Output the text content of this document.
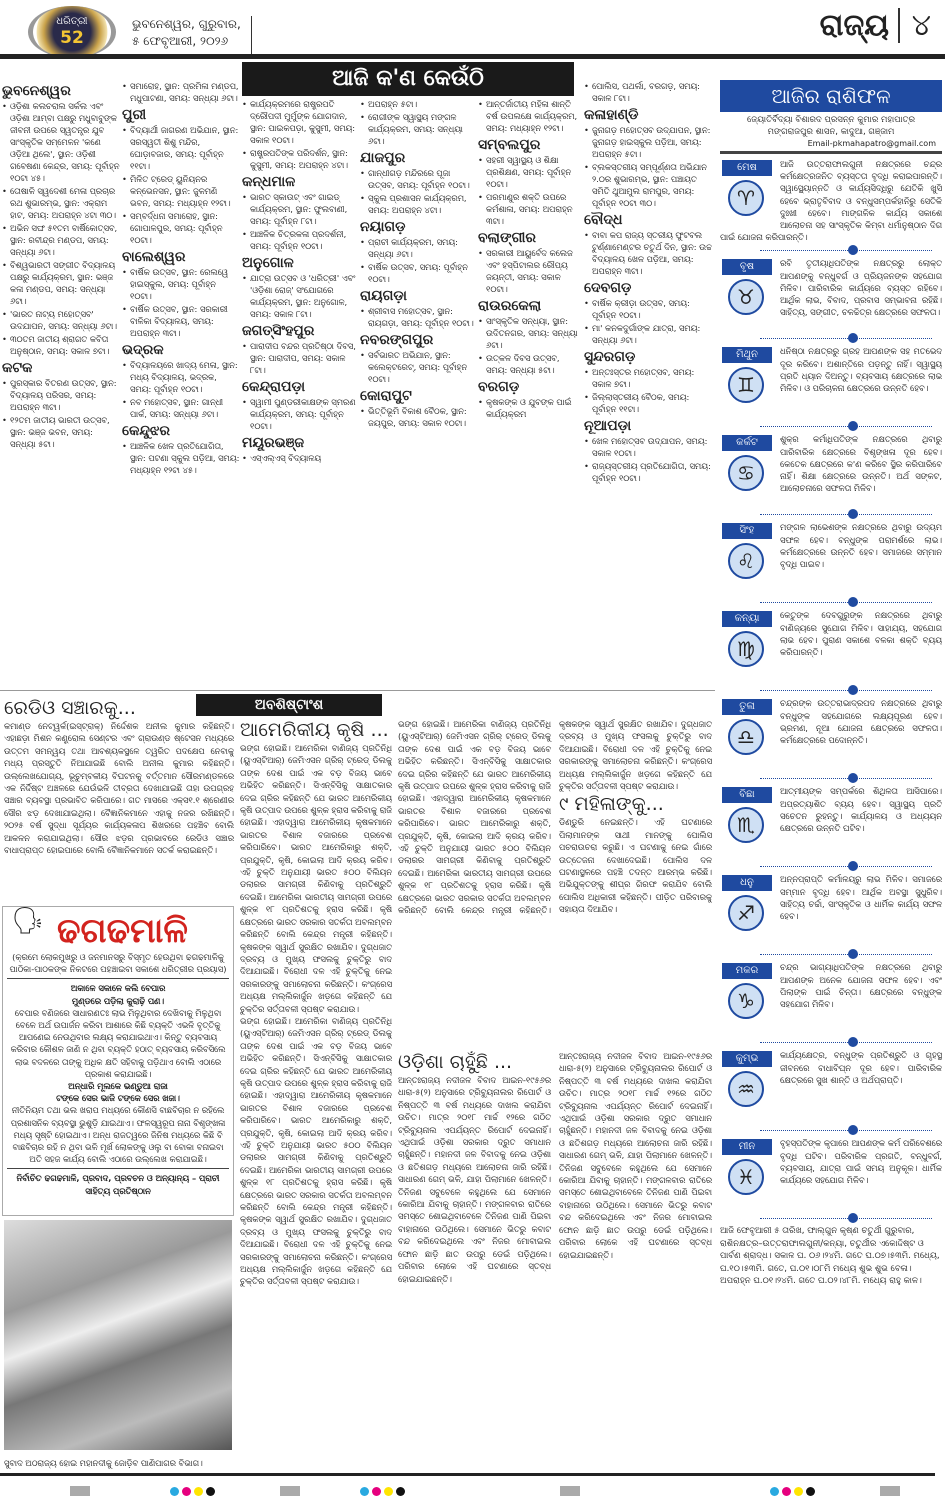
ଧରିତ୍ରୀ
52
ଭୁବନେଶ୍ୱର, ଗୁରୁବାର,
୫ ଫେବୃଆରୀ, ୨୦୨୬	ରାଜ୍ୟ ୪
ଆଜି କ'ଣ କେଉଁଠି
ଭୁବନେଶ୍ୱର
• ଓଡ଼ିଶା କଲଚରାଲ ସର୍କଲ ଏବଂ ଓଡ଼ିଶା ଆମ୍ବା ପକ୍ଷରୁ ମଧୁବାବୁଙ୍କ ଜୀବନୀ ଉପରେ ସ୍ୱତନ୍ତ୍ର ଯୁବ ସାଂସ୍କୃତିକ ସମ୍ମେଳନ 'କଣେ ଓଡ଼ିଆ ଥିଲେ', ସ୍ଥାନ: ଓଡ଼ିଶୀ ଗବେଷଣା କେନ୍ଦ୍ର, ସମୟ: ପୂର୍ବାହ୍ନ ୧୦ଟା ୪୫।
• ତୋଷାଳି ସ୍ୱଦେଶୀ ମେଳା ପ୍ରଚାର ରଥ ଶୁଭାରମ୍ଭ, ସ୍ଥାନ: ଏକ୍ରାମ ହାଟ, ସମୟ: ଅପରାହ୍ନ ୪ଟା ୩୦।
• ଅଭିନ ସଙ୍ଘ ୫୧ତମ ବାର୍ଷିକୋତ୍ସବ, ସ୍ଥାନ: ରବୀନ୍ଦ୍ର ମଣ୍ଡପ, ସମୟ: ସନ୍ଧ୍ୟା ୬ଟା।
• ବିଶ୍ୱଭାରତୀ ସଙ୍ଗୀତ ବିଦ୍ୟାଳୟ ପକ୍ଷରୁ କାର୍ଯ୍ୟକ୍ରମ, ସ୍ଥାନ: ଭଞ୍ଜ କଳା ମଣ୍ଡପ, ସମୟ: ସନ୍ଧ୍ୟା ୬ଟା।
• 'ଭାରତ ନାଟ୍ୟ ମହୋତ୍ସବ' ଉଦଯାପନ, ସମୟ: ସନ୍ଧ୍ୟା ୬ଟା।
• ୩୦ତମ ଜାତୀୟ ଶ୍ରାଗତ କବିତା ଅନୁଷ୍ଠାନ, ସମୟ: ସକାଳ ୭ଟା।
କଟକ
• ପୁରସ୍କାର ବିତରଣ ଉତ୍ସବ, ସ୍ଥାନ: ବିଦ୍ୟାଳୟ ପରିସର, ସମୟ: ଅପରାହ୍ନ ୩ଟା।
• ୧୨ତମ ଜାତୀୟ ଭାରତୀ ଉତ୍ସବ, ସ୍ଥାନ: ଭଞ୍ଜ ଭବନ, ସମୟ: ସନ୍ଧ୍ୟା ୫ଟା।
• ସମାରୋହ, ସ୍ଥାନ: ପ୍ରମିଳା ମଣ୍ଡପ, ମଧୁପାଟଣା, ସମୟ: ସନ୍ଧ୍ୟା ୬ଟା।
ପୁରୀ
• ବିଦ୍ୟାର୍ଥୀ ଜାଗରଣ ଅଭିଯାନ, ସ୍ଥାନ: ସରସ୍ୱତୀ ଶିଶୁ ମନ୍ଦିର, ଘୋଡ଼ାବଜାର, ସମୟ: ପୂର୍ବାହ୍ନ ୧୧ଟା।
• ମିଳିତ ଟ୍ରେଡ୍ ୟୁନିୟନର କନ୍‌ଭେନସନ, ସ୍ଥାନ: ଜୁଳମଣି ଭବନ, ସମୟ: ମଧ୍ୟାହ୍ନ ୧୨ଟା।
• ସମ୍ବର୍ଦ୍ଧନା ସମାରୋହ, ସ୍ଥାନ: ଗୋପାଳପୁର, ସମୟ: ପୂର୍ବାହ୍ନ ୧୦ଟା।
ବାଲେଶ୍ୱର
• ବାର୍ଷିକ ଉତ୍ସବ, ସ୍ଥାନ: ରେଲୱେ ହାଇସ୍କୁଲ, ସମୟ: ପୂର୍ବାହ୍ନ ୧୦ଟା।
• ବାର୍ଷିକ ଉତ୍ସବ, ସ୍ଥାନ: ସରକାରୀ ବାଳିକା ବିଦ୍ୟାଳୟ, ସମୟ: ଅପରାହ୍ନ ୩ଟା।
ଭଦ୍ରକ
• ବିଦ୍ୟାଳୟରେ ଖାଦ୍ୟ ମେଳା, ସ୍ଥାନ: ମଧ୍ୟ ବିଦ୍ୟାଳୟ, ଭଦ୍ରକ, ସମୟ: ପୂର୍ବାହ୍ନ ୧୦ଟା।
• ନବ ମହୋତ୍ସବ, ସ୍ଥାନ: ଗାନ୍ଧୀ ପାର୍କ, ସମୟ: ସନ୍ଧ୍ୟା ୬ଟା।
କେନ୍ଦୁଝର
• ଆଞ୍ଚଳିକ ଖେଳ ପ୍ରତିଯୋଗିତା, ସ୍ଥାନ: ପଟଣା ସ୍କୁଲ ପଡ଼ିଆ, ସମୟ: ମଧ୍ୟାହ୍ନ ୧୨ଟା ୪୫।
• କାର୍ଯ୍ୟକ୍ରମରେ ରାଷ୍ଟ୍ରପତି ଦ୍ରୌପଦୀ ମୁର୍ମୁଙ୍କ ଯୋଗଦାନ, ସ୍ଥାନ: ପାଇକପଡ଼ା, କୁସୁମୀ, ସମୟ: ସକାଳ ୧୦ଟା।
• ରାଷ୍ଟ୍ରପତିଙ୍କ ପରିଦର୍ଶନ, ସ୍ଥାନ: କୁସୁମୀ, ସମୟ: ଅପରାହ୍ନ ୪ଟା।
କନ୍ଧମାଳ
• ଭାରତ ସ୍କାଉଟ୍ ଏବଂ ଗାଇଡ୍ କାର୍ଯ୍ୟକ୍ରମ, ସ୍ଥାନ: ଫୁଲବାଣୀ, ସମୟ: ପୂର୍ବାହ୍ନ ୮ଟା।
• ଆଞ୍ଚଳିକ ଚିତ୍ରକଳା ପ୍ରଦର୍ଶନୀ, ସମୟ: ପୂର୍ବାହ୍ନ ୧୦ଟା।
ଅନୁଗୋଳ
• ଯାତ୍ରା ଉତ୍ସବ ଓ 'ଧରିତ୍ରୀ' ଏବଂ 'ଓଡ଼ିଶା ରୋଜ୍' ସଂଯୋଗରେ କାର୍ଯ୍ୟକ୍ରମ, ସ୍ଥାନ: ଅନୁଗୋଳ, ସମୟ: ସକାଳ ୮ଟା।
ଜଗତ୍‌ସିଂହପୁର
• ପାରାଦୀପ ବନ୍ଦର ପ୍ରତିଷ୍ଠା ଦିବସ, ସ୍ଥାନ: ପାରାଦୀପ, ସମୟ: ସକାଳ ୮ଟା।
କେନ୍ଦ୍ରାପଡ଼ା
• ସ୍ୱାମୀ ପୁଣ୍ଡରୀକାକ୍ଷଙ୍କ ସ୍ମରଣ କାର୍ଯ୍ୟକ୍ରମ, ସମୟ: ପୂର୍ବାହ୍ନ ୧୦ଟା।
ମୟୂରଭଞ୍ଜ
• ଏସ୍‌ଏଲ୍‌ଏସ୍ ବିଦ୍ୟାଳୟ
• ଅପରାହ୍ନ ୫ଟା।
• ରୋଗୀଙ୍କ ସ୍ୱାସ୍ଥ୍ୟ ମଙ୍ଗଳ କାର୍ଯ୍ୟକ୍ରମ, ସମୟ: ସନ୍ଧ୍ୟା ୬ଟା।
ଯାଜପୁର
• ଗାନ୍ଧୀଗଡ଼ ମନ୍ଦିରରେ ପୂଜା ଉତ୍ସବ, ସମୟ: ପୂର୍ବାହ୍ନ ୧୦ଟା।
• ସ୍କୁଲ ପ୍ରଶାସନ କାର୍ଯ୍ୟକ୍ରମ, ସମୟ: ଅପରାହ୍ନ ୪ଟା।
ନୟାଗଡ଼
• ପ୍ରାଚୀ କାର୍ଯ୍ୟକ୍ରମ, ସମୟ: ସନ୍ଧ୍ୟା ୬ଟା।
• ବାର୍ଷିକ ଉତ୍ସବ, ସମୟ: ପୂର୍ବାହ୍ନ ୧୦ଟା।
ରାୟଗଡ଼ା
• ଶ୍ରୀବାସ ମହୋତ୍ସବ, ସ୍ଥାନ: ରାୟଗଡ଼ା, ସମୟ: ପୂର୍ବାହ୍ନ ୧୦ଟା।
ନବରଙ୍ଗପୁର
• ସର୍ବଭାରତ ଅଭିଯାନ, ସ୍ଥାନ: କଲେକ୍ଟରେଟ୍, ସମୟ: ପୂର୍ବାହ୍ନ ୧୦ଟା।
କୋରାପୁଟ
• ଭିତ୍ତିଭୂମି ବିକାଶ ବୈଠକ, ସ୍ଥାନ: ଜୟପୁର, ସମୟ: ସକାଳ ୧୦ଟା।
• ଆନ୍ତର୍ଜାତୀୟ ମହିଳା ଶାନ୍ତି ବର୍ଷ ଉପଲକ୍ଷେ କାର୍ଯ୍ୟକ୍ରମ, ସମୟ: ମଧ୍ୟାହ୍ନ ୧୨ଟା।
ସମ୍ବଲପୁର
• ସହରୀ ସ୍ୱାସ୍ଥ୍ୟ ଓ ଶିକ୍ଷା ପ୍ରଶିକ୍ଷଣ, ସମୟ: ପୂର୍ବାହ୍ନ ୧୦ଟା।
• ପରମାଣୁର ଶକ୍ତି ଉପରେ କର୍ମଶାଳା, ସମୟ: ଅପରାହ୍ନ ୩ଟା।
ବଲାଙ୍ଗୀର
• ସରକାରୀ ଆୟୁର୍ବେଦ କଲେଜ ଏବଂ ହସ୍ପିଟାଲର ରୌପ୍ୟ ଜୟନ୍ତୀ, ସମୟ: ସକାଳ ୧୦ଟା।
ରାଉରକେଲା
• ସାଂସ୍କୃତିକ ସନ୍ଧ୍ୟା, ସ୍ଥାନ: ଉଦିତନଗର, ସମୟ: ସନ୍ଧ୍ୟା ୬ଟା।
• ଉତ୍କଳ ଦିବସ ଉତ୍ସବ, ସମୟ: ସନ୍ଧ୍ୟା ୫ଟା।
ବରଗଡ଼
• କୃଷକଙ୍କ ଓ ଯୁବଙ୍କ ପାଇଁ କାର୍ଯ୍ୟକ୍ରମ
• ପୋଲିସ, ପଥର୍ଲା, ବରଗଡ଼, ସମୟ: ସକାଳ ୮ଟା।
କଳାହାଣ୍ଡି
• ଜୁନାଗଡ଼ ମହୋତ୍ସବ ଉଦ୍‌ଯାପନ, ସ୍ଥାନ: ଜୁନାଗଡ଼ ହାଇସ୍କୁଲ ପଡ଼ିଆ, ସମୟ: ଅପରାହ୍ନ ୫ଟା।
• ବ୍ଲକସ୍ତରୀୟ ସମ୍ପୂର୍ଣ୍ଣତା ଅଭିଯାନ ୨.୦ର ଶୁଭାରମ୍ଭ, ସ୍ଥାନ: ପଞ୍ଚାୟତ ସମିତି ଥୁଆମୁଲ ରାମପୁର, ସମୟ: ପୂର୍ବାହ୍ନ ୧୦ଟା ୩୦।
ବୌଦ୍ଧ
• ବାବା କପ ରାଜ୍ୟ ସ୍ତରୀୟ ଫୁଟବଲ ଟୁର୍ଣ୍ଣାମେଣ୍ଟର ଚତୁର୍ଥ ଦିନ, ସ୍ଥାନ: ଉଚ୍ଚ ବିଦ୍ୟାଳୟ ଖେଳ ପଡ଼ିଆ, ସମୟ: ଅପରାହ୍ନ ୩ଟା।
ଦେବଗଡ଼
• ବାର୍ଷିକ କ୍ରୀଡ଼ା ଉତ୍ସବ, ସମୟ: ପୂର୍ବାହ୍ନ ୧୦ଟା।
• ମା' କନକଦୁର୍ଗାଙ୍କ ଯାତ୍ରା, ସମୟ: ସନ୍ଧ୍ୟା ୬ଟା।
ସୁନ୍ଦରଗଡ଼
• ଅନ୍ତଃସ୍ତର ମହୋତ୍ସବ, ସମୟ: ସକାଳ ୭ଟା।
• ଜିଲ୍ଲାସ୍ତରୀୟ ବୈଠକ, ସମୟ: ପୂର୍ବାହ୍ନ ୧୧ଟା।
ନୂଆପଡ଼ା
• ଖେଳ ମହୋତ୍ସବ ଉଦ୍‌ଯାପନ, ସମୟ: ସକାଳ ୧୦ଟା।
• ରାଜ୍ୟସ୍ତରୀୟ ପ୍ରତିଯୋଗିତା, ସମୟ: ପୂର୍ବାହ୍ନ ୧୦ଟା।
ଆଜିର ରାଶିଫଳ
ଜ୍ୟୋତିର୍ବିଦ୍ୟା ବିଶାରଦ ପ୍ରସନ୍ନ କୁମାର ମହାପାତ୍ର
ମଙ୍ଗରାଜପୁର ଶାସନ, କାଦୁଆ, ଗଞ୍ଜାମ
Email-pkmahapatro@gmail.com
ମେଷ
♈
ଆଜି ଉତ୍ତରାଫାଲଗୁନୀ ନକ୍ଷତ୍ରରେ ଚନ୍ଦ୍ର କର୍ମକ୍ଷେତ୍ରଜନିତ ବ୍ୟସ୍ତତା ବୃଦ୍ଧି କରାଇପାରନ୍ତି। ସ୍ୱାସ୍ଥ୍ୟୋନ୍ନତି ଓ କାର୍ଯ୍ୟସିଦ୍ଧିରୁ ଯେତିକି ଖୁସି ହେବେ ଭ୍ରାତୃବିବାଦ ଓ ବନ୍ଧୁସମ୍ପର୍କହାନିରୁ ସେତିକି ଦୁଃଖୀ ହେବେ। ମାଙ୍ଗଳିକ କାର୍ଯ୍ୟ ସକାଶେ ଆଲୋଚନା ସହ ସାଂସ୍କୃତିକ କିମ୍ବା ଧର୍ମାନୁଷ୍ଠାନ ଦିଗ ପାଇଁ ଯୋଜନା କରିପାରନ୍ତି।
ବୃଷ
♉
ରବି ତୃତୀୟାଧିପତିଙ୍କ ନକ୍ଷତ୍ରରୁ ଲୋକ୍ତ ଆପଣଙ୍କୁ ବନ୍ଧୁବର୍ଗ ଓ ପ୍ରିୟଜନଙ୍କ ସହଯୋଗ ମିଳିବ। ପାରିବାରିକ କାର୍ଯ୍ୟରେ ବ୍ୟସ୍ତ ରହିବେ। ଆର୍ଥିକ ଲାଭ, ବିବାଦ, ପ୍ରବାସ ସମ୍ଭାବନା ରହିଛି। ସାହିତ୍ୟ, ସଙ୍ଗୀତ, ଚଳଚ୍ଚିତ୍ର କ୍ଷେତ୍ରରେ ସଫଳତା।
ମିଥୁନ
♊
ଧନିଷ୍ଠା ନକ୍ଷତ୍ରରୁ ଗ୍ରହ ଆପଣଙ୍କ ସହ ମତଭେଦ ଦୂର କରିବେ। ଅଶାନ୍ତିରେ ପଡ଼ନ୍ତୁ ନାହିଁ। ସ୍ୱାସ୍ଥ୍ୟ ପ୍ରତି ଧ୍ୟାନ ଦିଅନ୍ତୁ। ବ୍ୟବସାୟ କ୍ଷେତ୍ରରେ ଲାଭ ମିଳିବ। ଓ ପରିଚାଳନା କ୍ଷେତ୍ରରେ ଉନ୍ନତି ହେବ।
କର୍କଟ
♋
ଶୁକ୍ର କର୍ମାଧିପତିଙ୍କ ନକ୍ଷତ୍ରରେ ଥିବାରୁ ପାରିବାରିକ କ୍ଷେତ୍ରରେ ବିଶୃଙ୍ଖଳା ଦୂର ହେବ। କେତେକ କ୍ଷେତ୍ରରେ କ'ଣ କରିବେ ସ୍ଥିର କରିପାରିବେ ନାହିଁ। ଶିକ୍ଷା କ୍ଷେତ୍ରରେ ଉନ୍ନତି। ଅର୍ଥ ସଙ୍କଟ, ଆଲୋଚନାରେ ସଫଳତା ମିଳିବ।
ସିଂହ
♌
ମଙ୍ଗଳ ଲାଭେଶଙ୍କ ନକ୍ଷତ୍ରରେ ଥିବାରୁ ଉଦ୍ୟମ ସଫଳ ହେବ। ବନ୍ଧୁଙ୍କ ପରାମର୍ଶରେ ଲାଭ। କର୍ମକ୍ଷେତ୍ରରେ ଉନ୍ନତି ହେବ। ସମାଜରେ ସମ୍ମାନ ବୃଦ୍ଧି ପାଇବ।
କନ୍ୟା
♍
କେତୁଙ୍କ ଦେବଗୁରୁଙ୍କ ନକ୍ଷତ୍ରରେ ଥିବାରୁ ବାଣିଜ୍ୟରେ ସୁଯୋଗ ମିଳିବ। ସାହାଯ୍ୟ, ସହଯୋଗ ଲାଭ ହେବ। ପୁରାଣ ସକାଶେ ବଳକା ଶକ୍ତି ବ୍ୟୟ କରିପାରନ୍ତି।
ତୁଳା
♎
ଚନ୍ଦ୍ରଙ୍କ ଉତ୍ତରାଭାଦ୍ରପଦ ନକ୍ଷତ୍ରରେ ଥିବାରୁ ବନ୍ଧୁଙ୍କ ସହଯୋଗରେ ଲକ୍ଷ୍ୟପୂରଣ ହେବ। ଭ୍ରମଣ, ନୂଆ ଯୋଜନା କ୍ଷେତ୍ରରେ ସଫଳତା। କର୍ମକ୍ଷେତ୍ରରେ ପଦୋନ୍ନତି।
ବିଛା
♏
ଆତ୍ମୀୟଙ୍କ ସମ୍ପର୍କରେ ଶିଥିଳତା ଆସିପାରେ। ଅପ୍ରତ୍ୟାଶିତ ବ୍ୟୟ ହେବ। ସ୍ୱାସ୍ଥ୍ୟ ପ୍ରତି ସଚେତନ ରୁହନ୍ତୁ। କାର୍ଯ୍ୟାଳୟ ଓ ଅଧ୍ୟୟନ କ୍ଷେତ୍ରରେ ଉନ୍ନତି ଘଟିବ।
ଧନୁ
♐
ଅନ୍ନପ୍ରାପ୍ତି କର୍ମାଳୟରୁ ଲାଭ ମିଳିବ। ସମାଜରେ ସମ୍ମାନ ବୃଦ୍ଧି ହେବ। ଆର୍ଥିକ ଅବସ୍ଥା ସୁଧୁରିବ। ସାହିତ୍ୟ ଚର୍ଚ୍ଚା, ସାଂସ୍କୃତିକ ଓ ଧାର୍ମିକ କାର୍ଯ୍ୟ ସଫଳ ହେବ।
ମକର
♑
ଚନ୍ଦ୍ର ଭାଗ୍ୟାଧିପତିଙ୍କ ନକ୍ଷତ୍ରରେ ଥିବାରୁ ଆପଣଙ୍କ ଅନେକ ଯୋଜନା ସଫଳ ହେବ। ଏବଂ ପିଲାଙ୍କ ପାଇଁ ଚିନ୍ତା। କ୍ଷେତ୍ରରେ ବନ୍ଧୁଙ୍କ ସହଯୋଗ ମିଳିବ।
କୁମ୍ଭ
♒
କାର୍ଯ୍ୟକ୍ଷେତ୍ର, ବନ୍ଧୁଙ୍କ ପ୍ରତିଶ୍ରୁତି ଓ ଗୃହସ୍ଥ ଜୀବନରେ ବାଧାବିଘ୍ନ ଦୂର ହେବ। ପାରିବାରିକ କ୍ଷେତ୍ରରେ ସୁଖ ଶାନ୍ତି ଓ ଅର୍ଥପ୍ରାପ୍ତି।
ମୀନ
♓
ବୃହସ୍ପତିଙ୍କ କୃପାରେ ଆପଣଙ୍କ କର୍ମ ପରିବେଶରେ ବୃଦ୍ଧି ଘଟିବ। ପରିବାରିକ ପ୍ରଗତି, ବନ୍ଧୁବର୍ଗ, ବ୍ୟବସାୟ, ଯାତ୍ରା ପାଇଁ ସମୟ ଅନୁକୂଳ। ଧାର୍ମିକ କାର୍ଯ୍ୟରେ ସହଯୋଗ ମିଳିବ।
ଆଜି ଫେବୃଆରୀ ୫ ତାରିଖ, ଫାଲ୍‌ଗୁନ କୃଷ୍ଣ ଚତୁର୍ଥୀ ଗୁରୁବାର, ରାଶିନକ୍ଷତ୍ର–ଉତ୍ତରାଫାଲଗୁନୀ/କନ୍ୟା, ଚତୁର୍ଥୀର ଏକୋଦ୍ଦିଷ୍ଟ ଓ ପାର୍ବଣ ଶ୍ରାଦ୍ଧ। ସକାଳ ଘ. ୦୬।୨୪ମି. ଗତେ ଘ.୦୭।୫୩ମି. ମଧ୍ୟେ, ଘ.୧୦।୫୩ମି. ଗତେ, ଘ.୦୧।୦୮ମି ମଧ୍ୟେ ଶୁଭ ଶୁଭ ବେଳା। ଅପରାହ୍ନ ଘ.୦୧।୨୪ମି. ଗତେ ଘ.୦୨।୪୮ମି. ମଧ୍ୟେ ରାହୁ କାଳ।
ଅବଶିଷ୍ଟାଂଶ
ରେଡିଓ ସଞ୍ଚାରକୁ...

କମାଣ୍ଡ ନେଟ୍‌ୱର୍କ(ଇସ୍‌ଟ୍ରାକ୍) ନିର୍ଦ୍ଦେଶକ ଅନୀଲ କୁମାର କହିଛନ୍ତି। ଏହାଛଡ଼ା ମିଶନ କଣ୍ଟ୍ରୋଲ ସେଣ୍ଟର ଏବଂ ଗ୍ରାଉଣ୍ଡ ଷ୍ଟେସନ ମଧ୍ୟରେ ଉତ୍ତମ ସମନ୍ୱୟ ତଥା ଆବଶ୍ୟକସ୍ଥଳେ ତ୍ୱରିତ ପଦକ୍ଷେପ ନେବାକୁ ମଧ୍ୟ ପ୍ରସ୍ତୁତି ନିଆଯାଇଛି ବୋଲି ଅନୀଲ କୁମାର କହିଛନ୍ତି। ଉଲ୍ଲେଖଯୋଗ୍ୟ, ଭୂଚୁମ୍ବକୀୟ ବିଘଟନକୁ ବର୍ତ୍ତମାନ ସୌରମଣ୍ଡଳରେ ଏକ ନିର୍ଦ୍ଦିଷ୍ଟ ଅଞ୍ଚଳରେ ଯେଉଁଭଳି ତୀବ୍ରତା ଦେଖାଯାଇଛି ତାହା ଉପଗ୍ରହ ସଞ୍ଚାର ବ୍ୟବସ୍ଥା ପ୍ରଭାବିତ କରିପାରେ। ଗତ ମାସରେ ଏକ୍ସ୧.୧ ଶ୍ରେଣୀର ସୌର ଝଡ଼ ଦେଖାଯାଇଥିଲା। ବୈଜ୍ଞାନିକମାନେ ଏହାକୁ ନଜର ରଖିଛନ୍ତି। ୨୦୨୫ ବର୍ଷ ସୁଦ୍ଧା ସୂର୍ଯ୍ୟର କାର୍ଯ୍ୟକଳାପ ଶିଖରରେ ପହଞ୍ଚିବ ବୋଲି ଆକଳନ କରାଯାଇଥିଲା। ସୌର ଝଡ଼ର ପ୍ରଭାବରେ ରେଡିଓ ସଞ୍ଚାର ବାଧାପ୍ରାପ୍ତ ହୋଇପାରେ ବୋଲି ବୈଜ୍ଞାନିକମାନେ ସତର୍କ କରାଇଛନ୍ତି।

ଆମେରିକୀୟ କୃଷି ...

ଭଙ୍ଗ ହୋଇଛି। ଆମେରିକା ବାଣିଜ୍ୟ ପ୍ରତିନିଧି (ୟୁଏସ୍‌ଟିଆର୍) ଜେମିଏସନ ଗ୍ରିର୍ ଟ୍ରେଡ୍ ଡିଲକୁ ତାଙ୍କ ଦେଶ ପାଇଁ ଏକ ବଡ଼ ବିଜୟ ଭାବେ ଅଭିହିତ କରିଛନ୍ତି। ସିଏନ୍‌ବିସିକୁ ସାକ୍ଷାତକାର ଦେଇ ଗ୍ରିର କହିଛନ୍ତି ଯେ ଭାରତ ଆମେରିକୀୟ କୃଷି ଉତ୍ପାଦ ଉପରେ ଶୁଳ୍କ ହ୍ରାସ କରିବାକୁ ରାଜି ହୋଇଛି। ଏହାଦ୍ୱାରା ଆମେରିକୀୟ କୃଷକମାନେ ଭାରତର ବିଶାଳ ବଜାରରେ ପ୍ରବେଶ କରିପାରିବେ। ଭାରତ ଆମେରିକାରୁ ଶକ୍ତି, ପ୍ରଯୁକ୍ତି, କୃଷି, କୋଇଲା ଆଦି କ୍ରୟ କରିବ। ଏହି ଚୁକ୍ତି ଅନୁଯାୟୀ ଭାରତ ୫୦୦ ବିଲିୟନ ଡଲାରର ସାମଗ୍ରୀ କିଣିବାକୁ ପ୍ରତିଶ୍ରୁତି ଦେଇଛି। ଆମେରିକା ଭାରତୀୟ ସାମଗ୍ରୀ ଉପରେ ଶୁଳ୍କ ୧୮ ପ୍ରତିଶତକୁ ହ୍ରାସ କରିଛି। କୃଷି କ୍ଷେତ୍ରରେ ଭାରତ ସରକାର ସତର୍କତା ଅବଲମ୍ବନ କରିଛନ୍ତି ବୋଲି କେନ୍ଦ୍ର ମନ୍ତ୍ରୀ କହିଛନ୍ତି। କୃଷକଙ୍କ ସ୍ୱାର୍ଥ ସୁରକ୍ଷିତ ରଖାଯିବ। ଦୁଗ୍ଧଜାତ ଦ୍ରବ୍ୟ ଓ ମୁଖ୍ୟ ଫସଲକୁ ଚୁକ୍ତିରୁ ବାଦ ଦିଆଯାଇଛି। ବିରୋଧୀ ଦଳ ଏହି ଚୁକ୍ତିକୁ ନେଇ ସରକାରଙ୍କୁ ସମାଲୋଚନା କରିଛନ୍ତି। କଂଗ୍ରେସ ଅଧ୍ୟକ୍ଷ ମଲ୍ଲିକାର୍ଜୁନ ଖଡ଼ଗେ କହିଛନ୍ତି ଯେ ଚୁକ୍ତିର ସର୍ତ୍ତାବଳୀ ସ୍ପଷ୍ଟ କରାଯାଉ।

ଭଙ୍ଗ ହୋଇଛି। ଆମେରିକା ବାଣିଜ୍ୟ ପ୍ରତିନିଧି (ୟୁଏସ୍‌ଟିଆର୍) ଜେମିଏସନ ଗ୍ରିର୍ ଟ୍ରେଡ୍ ଡିଲକୁ ତାଙ୍କ ଦେଶ ପାଇଁ ଏକ ବଡ଼ ବିଜୟ ଭାବେ ଅଭିହିତ କରିଛନ୍ତି। ସିଏନ୍‌ବିସିକୁ ସାକ୍ଷାତକାର ଦେଇ ଗ୍ରିର କହିଛନ୍ତି ଯେ ଭାରତ ଆମେରିକୀୟ କୃଷି ଉତ୍ପାଦ ଉପରେ ଶୁଳ୍କ ହ୍ରାସ କରିବାକୁ ରାଜି ହୋଇଛି। ଏହାଦ୍ୱାରା ଆମେରିକୀୟ କୃଷକମାନେ ଭାରତର ବିଶାଳ ବଜାରରେ ପ୍ରବେଶ କରିପାରିବେ। ଭାରତ ଆମେରିକାରୁ ଶକ୍ତି, ପ୍ରଯୁକ୍ତି, କୃଷି, କୋଇଲା ଆଦି କ୍ରୟ କରିବ। ଏହି ଚୁକ୍ତି ଅନୁଯାୟୀ ଭାରତ ୫୦୦ ବିଲିୟନ ଡଲାରର ସାମଗ୍ରୀ କିଣିବାକୁ ପ୍ରତିଶ୍ରୁତି ଦେଇଛି। ଆମେରିକା ଭାରତୀୟ ସାମଗ୍ରୀ ଉପରେ ଶୁଳ୍କ ୧୮ ପ୍ରତିଶତକୁ ହ୍ରାସ କରିଛି। କୃଷି କ୍ଷେତ୍ରରେ ଭାରତ ସରକାର ସତର୍କତା ଅବଲମ୍ବନ କରିଛନ୍ତି ବୋଲି କେନ୍ଦ୍ର ମନ୍ତ୍ରୀ କହିଛନ୍ତି। କୃଷକଙ୍କ ସ୍ୱାର୍ଥ ସୁରକ୍ଷିତ ରଖାଯିବ। ଦୁଗ୍ଧଜାତ ଦ୍ରବ୍ୟ ଓ ମୁଖ୍ୟ ଫସଲକୁ ଚୁକ୍ତିରୁ ବାଦ ଦିଆଯାଇଛି। ବିରୋଧୀ ଦଳ ଏହି ଚୁକ୍ତିକୁ ନେଇ ସରକାରଙ୍କୁ ସମାଲୋଚନା କରିଛନ୍ତି। କଂଗ୍ରେସ ଅଧ୍ୟକ୍ଷ ମଲ୍ଲିକାର୍ଜୁନ ଖଡ଼ଗେ କହିଛନ୍ତି ଯେ ଚୁକ୍ତିର ସର୍ତ୍ତାବଳୀ ସ୍ପଷ୍ଟ କରାଯାଉ।

ଭଙ୍ଗ ହୋଇଛି। ଆମେରିକା ବାଣିଜ୍ୟ ପ୍ରତିନିଧି (ୟୁଏସ୍‌ଟିଆର୍) ଜେମିଏସନ ଗ୍ରିର୍ ଟ୍ରେଡ୍ ଡିଲକୁ ତାଙ୍କ ଦେଶ ପାଇଁ ଏକ ବଡ଼ ବିଜୟ ଭାବେ ଅଭିହିତ କରିଛନ୍ତି। ସିଏନ୍‌ବିସିକୁ ସାକ୍ଷାତକାର ଦେଇ ଗ୍ରିର କହିଛନ୍ତି ଯେ ଭାରତ ଆମେରିକୀୟ କୃଷି ଉତ୍ପାଦ ଉପରେ ଶୁଳ୍କ ହ୍ରାସ କରିବାକୁ ରାଜି ହୋଇଛି। ଏହାଦ୍ୱାରା ଆମେରିକୀୟ କୃଷକମାନେ ଭାରତର ବିଶାଳ ବଜାରରେ ପ୍ରବେଶ କରିପାରିବେ। ଭାରତ ଆମେରିକାରୁ ଶକ୍ତି, ପ୍ରଯୁକ୍ତି, କୃଷି, କୋଇଲା ଆଦି କ୍ରୟ କରିବ। ଏହି ଚୁକ୍ତି ଅନୁଯାୟୀ ଭାରତ ୫୦୦ ବିଲିୟନ ଡଲାରର ସାମଗ୍ରୀ କିଣିବାକୁ ପ୍ରତିଶ୍ରୁତି ଦେଇଛି। ଆମେରିକା ଭାରତୀୟ ସାମଗ୍ରୀ ଉପରେ ଶୁଳ୍କ ୧୮ ପ୍ରତିଶତକୁ ହ୍ରାସ କରିଛି। କୃଷି କ୍ଷେତ୍ରରେ ଭାରତ ସରକାର ସତର୍କତା ଅବଲମ୍ବନ କରିଛନ୍ତି ବୋଲି କେନ୍ଦ୍ର ମନ୍ତ୍ରୀ କହିଛନ୍ତି। କୃଷକଙ୍କ ସ୍ୱାର୍ଥ ସୁରକ୍ଷିତ ରଖାଯିବ। ଦୁଗ୍ଧଜାତ ଦ୍ରବ୍ୟ ଓ ମୁଖ୍ୟ ଫସଲକୁ ଚୁକ୍ତିରୁ ବାଦ ଦିଆଯାଇଛି। ବିରୋଧୀ ଦଳ ଏହି ଚୁକ୍ତିକୁ ନେଇ ସରକାରଙ୍କୁ ସମାଲୋଚନା କରିଛନ୍ତି। କଂଗ୍ରେସ ଅଧ୍ୟକ୍ଷ ମଲ୍ଲିକାର୍ଜୁନ ଖଡ଼ଗେ କହିଛନ୍ତି ଯେ ଚୁକ୍ତିର ସର୍ତ୍ତାବଳୀ ସ୍ପଷ୍ଟ କରାଯାଉ।

୯ ମହିଳାଙ୍କୁ...

ଡିଣ୍ଡୁରି ନେଇଛନ୍ତି। ଏହି ଘଟଣାରେ ପିଲାମାନଙ୍କ ସାଥୀ ମାନଙ୍କୁ ପୋଲିସ ପଚରାଉଚରା କରୁଛି। ଏ ଘଟଣାକୁ ନେଇ ଗାଁରେ ଉତ୍ତେଜନା ଦେଖାଦେଇଛି। ପୋଲିସ ଦଳ ଘଟଣାସ୍ଥଳରେ ପହଞ୍ଚି ତଦନ୍ତ ଆରମ୍ଭ କରିଛି। ଅଭିଯୁକ୍ତଙ୍କୁ ଶୀଘ୍ର ଗିରଫ କରାଯିବ ବୋଲି ପୋଲିସ ଅଧିକାରୀ କହିଛନ୍ତି। ପୀଡ଼ିତ ପରିବାରକୁ ସହାୟତା ଦିଆଯିବ।

ଓଡ଼ିଶା ଚାହୁଁଛି ...

ଆନ୍ତଃରାଜ୍ୟ ନଦୀଜଳ ବିବାଦ ଆଇନ-୧୯୫୬ର ଧାରା-୫(୨) ଅନୁସାରେ ଟ୍ରିବ୍ୟୁନାଲର ରିପୋର୍ଟ ଓ ନିଷ୍ପତ୍ତି ୩ ବର୍ଷ ମଧ୍ୟରେ ଦାଖଲ କରାଯିବା ଉଚିତ। ମାତ୍ର ୨୦୧୮ ମାର୍ଚ୍ଚ ୧୨ରେ ଗଠିତ ଟ୍ରିବ୍ୟୁନାଲ ଏପର୍ଯ୍ୟନ୍ତ ରିପୋର୍ଟ ଦେଇନାହିଁ। ଏଥିପାଇଁ ଓଡ଼ିଶା ସରକାର ଦ୍ରୁତ ସମାଧାନ ଚାହୁଁଛନ୍ତି। ମହାନଦୀ ଜଳ ବିବାଦକୁ ନେଇ ଓଡ଼ିଶା ଓ ଛତିଶଗଡ଼ ମଧ୍ୟରେ ଆଲୋଚନା ଜାରି ରହିଛି। ସାଧାରଣ ଗେମ୍ ଭଳି, ଯାହା ପିଲାମାନେ ଖେଳନ୍ତି। ତିନିଜଣ ସବୁବେଳେ କହୁଥିଲେ ଯେ ସେମାନେ କୋରିଆ ଯିବାକୁ ଚାହାନ୍ତି। ମଙ୍ଗଳବାର ରାତିରେ ସମସ୍ତେ ଶୋଇଥିବାବେଳେ ତିନିଜଣ ପାଣି ପିଇବା ବାହାନାରେ ଉଠିଥିଲେ। ସେମାନେ ଭିତରୁ କବାଟ ବନ୍ଦ କରିଦେଇଥିଲେ ଏବଂ ନିଜର ମୋବାଇଲ ଫୋନ ଛାଡ଼ି ଛାତ ଉପରୁ ଡେଇଁ ପଡ଼ିଥିଲେ। ପରିବାର ଲୋକେ ଏହି ଘଟଣାରେ ସ୍ତବ୍ଧ ହୋଇଯାଇଛନ୍ତି।

ଆନ୍ତଃରାଜ୍ୟ ନଦୀଜଳ ବିବାଦ ଆଇନ-୧୯୫୬ର ଧାରା-୫(୨) ଅନୁସାରେ ଟ୍ରିବ୍ୟୁନାଲର ରିପୋର୍ଟ ଓ ନିଷ୍ପତ୍ତି ୩ ବର୍ଷ ମଧ୍ୟରେ ଦାଖଲ କରାଯିବା ଉଚିତ। ମାତ୍ର ୨୦୧୮ ମାର୍ଚ୍ଚ ୧୨ରେ ଗଠିତ ଟ୍ରିବ୍ୟୁନାଲ ଏପର୍ଯ୍ୟନ୍ତ ରିପୋର୍ଟ ଦେଇନାହିଁ। ଏଥିପାଇଁ ଓଡ଼ିଶା ସରକାର ଦ୍ରୁତ ସମାଧାନ ଚାହୁଁଛନ୍ତି। ମହାନଦୀ ଜଳ ବିବାଦକୁ ନେଇ ଓଡ଼ିଶା ଓ ଛତିଶଗଡ଼ ମଧ୍ୟରେ ଆଲୋଚନା ଜାରି ରହିଛି। ସାଧାରଣ ଗେମ୍ ଭଳି, ଯାହା ପିଲାମାନେ ଖେଳନ୍ତି। ତିନିଜଣ ସବୁବେଳେ କହୁଥିଲେ ଯେ ସେମାନେ କୋରିଆ ଯିବାକୁ ଚାହାନ୍ତି। ମଙ୍ଗଳବାର ରାତିରେ ସମସ୍ତେ ଶୋଇଥିବାବେଳେ ତିନିଜଣ ପାଣି ପିଇବା ବାହାନାରେ ଉଠିଥିଲେ। ସେମାନେ ଭିତରୁ କବାଟ ବନ୍ଦ କରିଦେଇଥିଲେ ଏବଂ ନିଜର ମୋବାଇଲ ଫୋନ ଛାଡ଼ି ଛାତ ଉପରୁ ଡେଇଁ ପଡ଼ିଥିଲେ। ପରିବାର ଲୋକେ ଏହି ଘଟଣାରେ ସ୍ତବ୍ଧ ହୋଇଯାଇଛନ୍ତି।

🗣 ଢଗଢମାଳି
(କ୍ରମେ ଲୋକମୁଖରୁ ଓ ଜନମାନସରୁ ବିସ୍ମୃତ ହେଉଥିବା ଢଗଢମାଳିକୁ ପାଠିକା-ପାଠକଙ୍କ ନିକଟରେ ପହଞ୍ଚାଇବା ସକାଶେ ଧରିତ୍ରୀର ପ୍ରୟାସ)
ଅକାଳେ ସକାଳେ କଲି ବେପାର
ମୁଣ୍ଡରେ ପଡ଼ିଲା କୁରାଢ଼ି ପଣ।
ବେପାର ବଣିଜରେ ସାଧାରଣତଃ ଲାଭ ମିଳୁଥିବାର ଦେଖିବାକୁ ମିଳୁଥିବା ବେଳେ ଅର୍ଥ ଉପାର୍ଜନ କରିବା ଆଶାରେ କିଛି ବ୍ୟକ୍ତି ଏଭଳି ବୃତ୍ତିକୁ ଆପଣେଇ ନେଉଥିବାର ଲକ୍ଷ୍ୟ କରାଯାଇଥାଏ। କିନ୍ତୁ ବ୍ୟବସାୟ କରିବାର କୌଶଳ ଜାଣି ନ ଥିବା ବ୍ୟକ୍ତି ହଠାତ୍ ବ୍ୟବସାୟ କରିବସିଲେ ଲାଭ ବଦଳରେ ତାଙ୍କୁ ଅଧିକ କ୍ଷତି ସହିବାକୁ ପଡ଼ିଥାଏ ବୋଲି ଏଠାରେ ପ୍ରକାଶ କରାଯାଇଛି।
ଅନ୍ଧାରି ମୂଲକେ ଭଣ୍ଡୁଆ ରାଜା
ଟଙ୍କେ ସେର ଭାଜି ଟଙ୍କେ ସେର ଖଜା।
ନୀତିନିୟମ ତଥା ଭଲ ଖରାପ ମଧ୍ୟରେ କୌଣସି ବାଛବିଚାର ନ ରହିଲେ ପ୍ରଶାସନିକ ବ୍ୟବସ୍ଥା ଭୁଶୁଡ଼ି ଯାଇଥାଏ। ଫଳସ୍ୱରୂପ ନାନା ବିଶୃଙ୍ଖଳା ମଧ୍ୟ ସୃଷ୍ଟି ହୋଇଥାଏ। ଅନ୍ଧ ରାଜତ୍ୱରେ ଜିନିଷ ମଧ୍ୟରେ କିଛି ବି ବାଛବିଚାର ରହି ନ ଥିବା ଭଳି ମୂର୍ଖ ଲୋକଙ୍କୁ ଓଲୁ ବା ବୋକା ବନାଇବା ଅତି ସହଜ କାର୍ଯ୍ୟ ବୋଲି ଏଠାରେ ଉଲ୍ଲେଖ କରାଯାଇଛି।
ନିର୍ବାଚିତ ଢଗଢମାଳି, ପ୍ରବାଦ, ପ୍ରବଚନ ଓ ଅନ୍ୟାନ୍ୟ – ପ୍ରାଚୀ ସାହିତ୍ୟ ପ୍ରତିଷ୍ଠାନ
ସୁବାଦ ଅଠରାଜ୍ୟ ହୋଇ ମହାନଦୀକୁ ଜୋଡ଼ିବ ପାଣିପାଗର ବିଭାଗ।
